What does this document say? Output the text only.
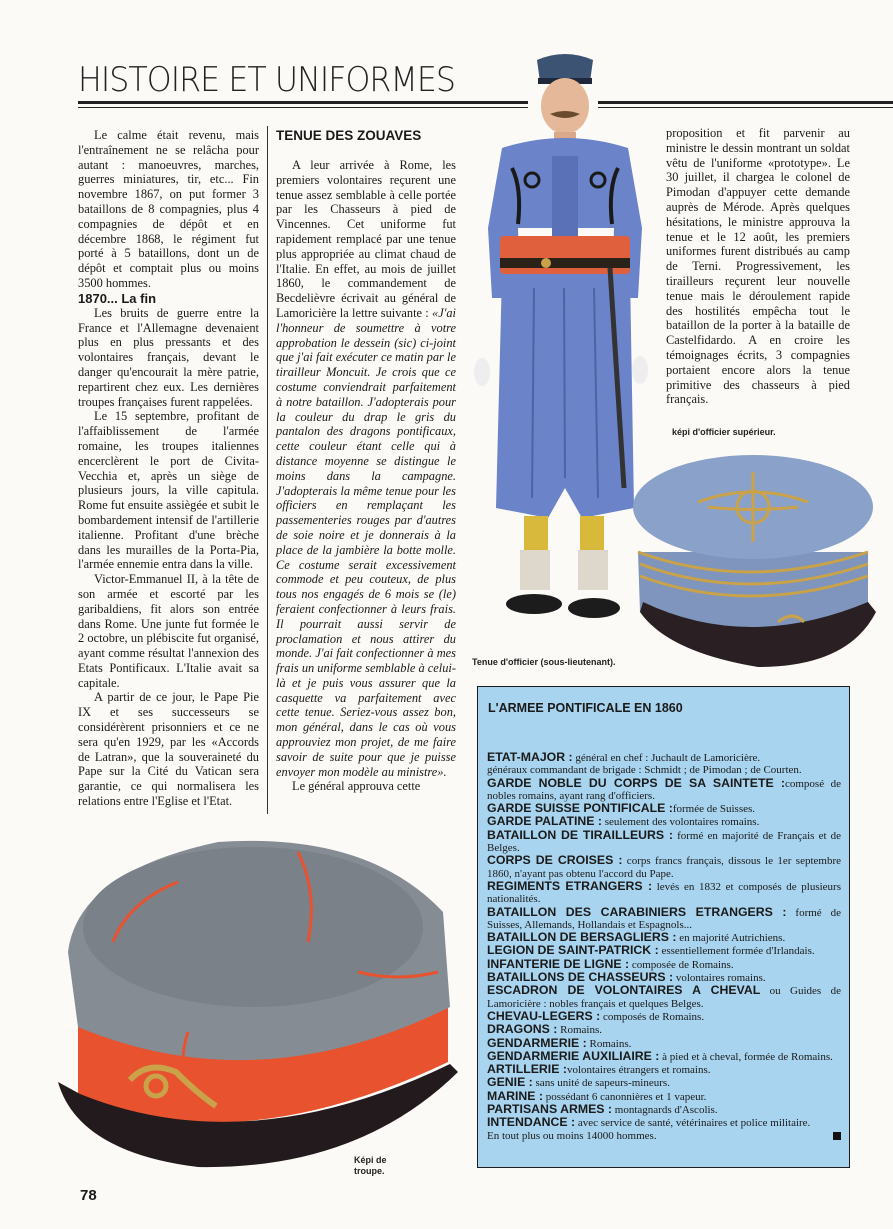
HISTOIRE ET UNIFORMES

Le calme était revenu, mais l'entraînement ne se relâcha pour autant : manoeuvres, marches, guerres miniatures, tir, etc... Fin novembre 1867, on put former 3 bataillons de 8 compagnies, plus 4 compagnies de dépôt et en décembre 1868, le régiment fut porté à 5 bataillons, dont un de dépôt et comptait plus ou moins 3500 hommes.

1870... La fin

Les bruits de guerre entre la France et l'Allemagne devenaient plus en plus pressants et des volontaires français, devant le danger qu'encourait la mère patrie, repartirent chez eux. Les dernières troupes françaises furent rappelées.

Le 15 septembre, profitant de l'affaiblissement de l'armée romaine, les troupes italiennes encerclèrent le port de Civita-Vecchia et, après un siège de plusieurs jours, la ville capitula. Rome fut ensuite assiègée et subit le bombardement intensif de l'artillerie italienne. Profitant d'une brèche dans les murailles de la Porta-Pia, l'armée ennemie entra dans la ville.

Victor-Emmanuel II, à la tête de son armée et escorté par les garibaldiens, fit alors son entrée dans Rome. Une junte fut formée le 2 octobre, un plébiscite fut organisé, ayant comme résultat l'annexion des Etats Pontificaux. L'Italie avait sa capitale.

A partir de ce jour, le Pape Pie IX et ses successeurs se considérèrent prisonniers et ce ne sera qu'en 1929, par les «Accords de Latran», que la souveraineté du Pape sur la Cité du Vatican sera garantie, ce qui normalisera les relations entre l'Eglise et l'Etat.

TENUE DES ZOUAVES

A leur arrivée à Rome, les premiers volontaires reçurent une tenue assez semblable à celle portée par les Chasseurs à pied de Vincennes. Cet uniforme fut rapidement remplacé par une tenue plus appropriée au climat chaud de l'Italie. En effet, au mois de juillet 1860, le commandement de Becdelièvre écrivait au général de Lamoricière la lettre suivante : «J'ai l'honneur de soumettre à votre approbation le dessein (sic) ci-joint que j'ai fait exécuter ce matin par le tirailleur Moncuit. Je crois que ce costume conviendrait parfaitement à notre bataillon. J'adopterais pour la couleur du drap le gris du pantalon des dragons pontificaux, cette couleur étant celle qui à distance moyenne se distingue le moins dans la campagne. J'adopterais la même tenue pour les officiers en remplaçant les passementeries rouges par d'autres de soie noire et je donnerais à la place de la jambière la botte molle. Ce costume serait excessivement commode et peu couteux, de plus tous nos engagés de 6 mois se (le) feraient confectionner à leurs frais. Il pourrait aussi servir de proclamation et nous attirer du monde. J'ai fait confectionner à mes frais un uniforme semblable à celui-là et je puis vous assurer que la casquette va parfaitement avec cette tenue. Seriez-vous assez bon, mon général, dans le cas où vous approuviez mon projet, de me faire savoir de suite pour que je puisse envoyer mon modèle au ministre».

Le général approuva cette

proposition et fit parvenir au ministre le dessin montrant un soldat vêtu de l'uniforme «prototype». Le 30 juillet, il chargea le colonel de Pimodan d'appuyer cette demande auprès de Mérode. Après quelques hésitations, le ministre approuva la tenue et le 12 août, les premiers uniformes furent distribués au camp de Terni. Progressivement, les tirailleurs reçurent leur nouvelle tenue mais le déroulement rapide des hostilités empêcha tout le bataillon de la porter à la bataille de Castelfidardo. A en croire les témoignages écrits, 3 compagnies portaient encore alors la tenue primitive des chasseurs à pied français.

Tenue d'officier (sous-lieutenant).
képi d'officier supérieur.
Képi de troupe.
L'ARMEE PONTIFICALE EN 1860
ETAT-MAJOR : général en chef : Juchault de Lamoricière.
généraux commandant de brigade : Schmidt ; de Pimodan ; de Courten.
GARDE NOBLE DU CORPS DE SA SAINTETE :composé de nobles romains, ayant rang d'officiers.
GARDE SUISSE PONTIFICALE :formée de Suisses.
GARDE PALATINE : seulement des volontaires romains.
BATAILLON DE TIRAILLEURS : formé en majorité de Français et de Belges.
CORPS DE CROISES : corps francs français, dissous le 1er septembre 1860, n'ayant pas obtenu l'accord du Pape.
REGIMENTS ETRANGERS : levés en 1832 et composés de plusieurs nationalités.
BATAILLON DES CARABINIERS ETRANGERS : formé de Suisses, Allemands, Hollandais et Espagnols...
BATAILLON DE BERSAGLIERS : en majorité Autrichiens.
LEGION DE SAINT-PATRICK : essentiellement formée d'Irlandais.
INFANTERIE DE LIGNE : composée de Romains.
BATAILLONS DE CHASSEURS : volontaires romains.
ESCADRON DE VOLONTAIRES A CHEVAL ou Guides de Lamoricière : nobles français et quelques Belges.
CHEVAU-LEGERS : composés de Romains.
DRAGONS : Romains.
GENDARMERIE : Romains.
GENDARMERIE AUXILIAIRE : à pied et à cheval, formée de Romains.
ARTILLERIE :volontaires étrangers et romains.
GENIE : sans unité de sapeurs-mineurs.
MARINE : possédant 6 canonnières et 1 vapeur.
PARTISANS ARMES : montagnards d'Ascolis.
INTENDANCE : avec service de santé, vétérinaires et police militaire.
En tout plus ou moins 14000 hommes.
78
